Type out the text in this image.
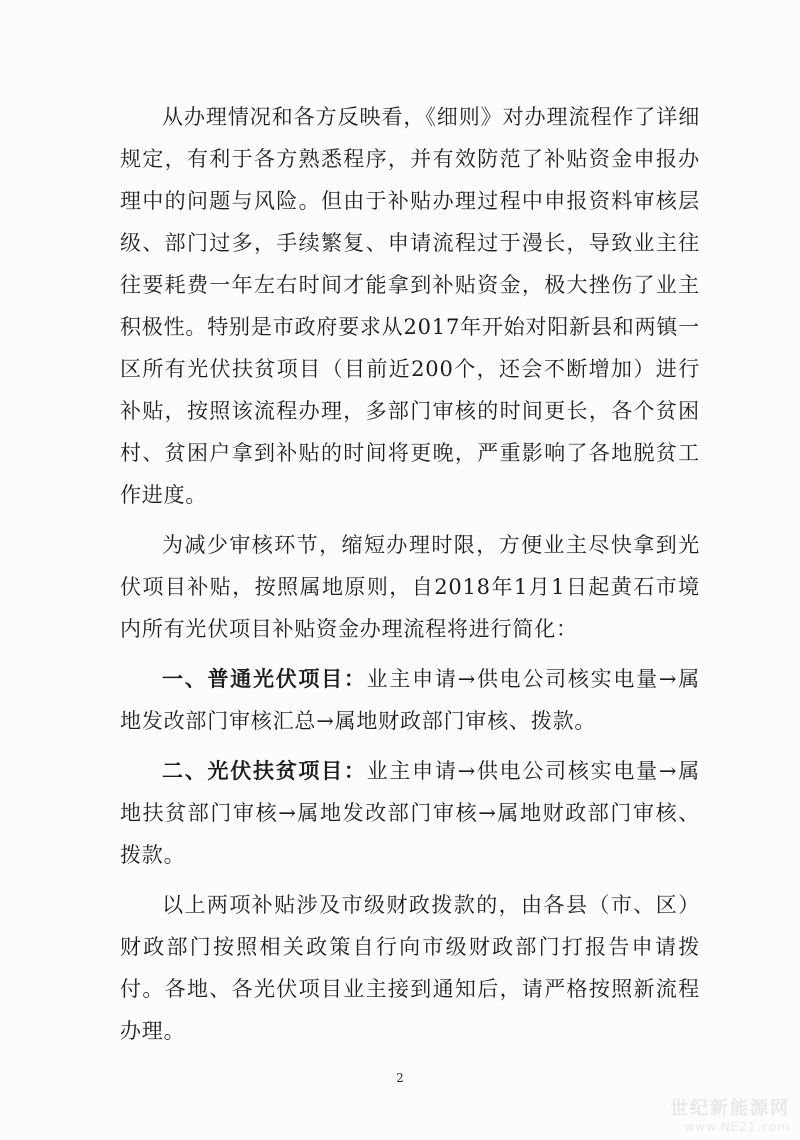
从办理情况和各方反映看，《细则》对办理流程作了详细规定，有利于各方熟悉程序，并有效防范了补贴资金申报办理中的问题与风险。但由于补贴办理过程中申报资料审核层级、部门过多，手续繁复、申请流程过于漫长，导致业主往往要耗费一年左右时间才能拿到补贴资金，极大挫伤了业主积极性。特别是市政府要求从2017年开始对阳新县和两镇一区所有光伏扶贫项目（目前近200个，还会不断增加）进行补贴，按照该流程办理，多部门审核的时间更长，各个贫困村、贫困户拿到补贴的时间将更晚，严重影响了各地脱贫工作进度。

为减少审核环节，缩短办理时限，方便业主尽快拿到光伏项目补贴，按照属地原则，自2018年1月1日起黄石市境内所有光伏项目补贴资金办理流程将进行简化：

一、普通光伏项目：业主申请→供电公司核实电量→属地发改部门审核汇总→属地财政部门审核、拨款。

二、光伏扶贫项目：业主申请→供电公司核实电量→属地扶贫部门审核→属地发改部门审核→属地财政部门审核、拨款。

以上两项补贴涉及市级财政拨款的，由各县（市、区）财政部门按照相关政策自行向市级财政部门打报告申请拨付。各地、各光伏项目业主接到通知后，请严格按照新流程办理。

2
世纪新能源网
www.NE21.com
